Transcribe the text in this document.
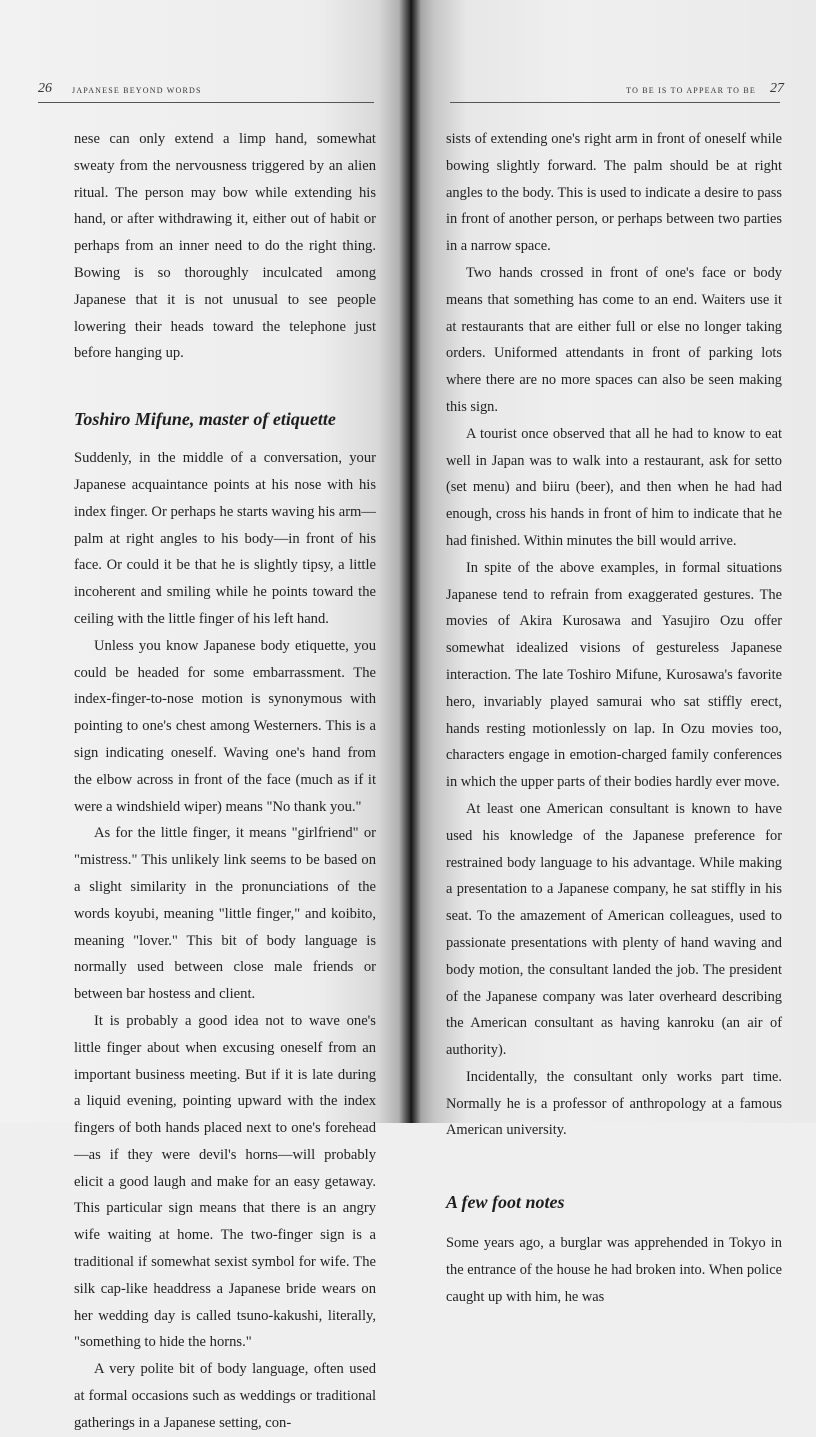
26	JAPANESE BEYOND WORDS

nese can only extend a limp hand, somewhat sweaty from the nervousness triggered by an alien ritual. The person may bow while extending his hand, or after withdrawing it, either out of habit or perhaps from an inner need to do the right thing. Bowing is so thoroughly inculcated among Japanese that it is not unusual to see people lowering their heads toward the telephone just before hanging up.

Toshiro Mifune, master of etiquette

Suddenly, in the middle of a conversation, your Japanese acquaintance points at his nose with his index finger. Or perhaps he starts waving his arm—palm at right angles to his body—in front of his face. Or could it be that he is slightly tipsy, a little incoherent and smiling while he points toward the ceiling with the little finger of his left hand.

Unless you know Japanese body etiquette, you could be headed for some embarrassment. The index-finger-to-nose motion is synonymous with pointing to one's chest among Westerners. This is a sign indicating oneself. Waving one's hand from the elbow across in front of the face (much as if it were a windshield wiper) means "No thank you."

As for the little finger, it means "girlfriend" or "mistress." This unlikely link seems to be based on a slight similarity in the pronunciations of the words koyubi, meaning "little finger," and koibito, meaning "lover." This bit of body language is normally used between close male friends or between bar hostess and client.

It is probably a good idea not to wave one's little finger about when excusing oneself from an important business meeting. But if it is late during a liquid evening, pointing upward with the index fingers of both hands placed next to one's forehead—as if they were devil's horns—will probably elicit a good laugh and make for an easy getaway. This particular sign means that there is an angry wife waiting at home. The two-finger sign is a traditional if somewhat sexist symbol for wife. The silk cap-like headdress a Japanese bride wears on her wedding day is called tsuno-kakushi, literally, "something to hide the horns."

A very polite bit of body language, often used at formal occasions such as weddings or traditional gatherings in a Japanese setting, con-

TO BE IS TO APPEAR TO BE 27

sists of extending one's right arm in front of oneself while bowing slightly forward. The palm should be at right angles to the body. This is used to indicate a desire to pass in front of another person, or perhaps between two parties in a narrow space.

Two hands crossed in front of one's face or body means that something has come to an end. Waiters use it at restaurants that are either full or else no longer taking orders. Uniformed attendants in front of parking lots where there are no more spaces can also be seen making this sign.

A tourist once observed that all he had to know to eat well in Japan was to walk into a restaurant, ask for setto (set menu) and biiru (beer), and then when he had had enough, cross his hands in front of him to indicate that he had finished. Within minutes the bill would arrive.

In spite of the above examples, in formal situations Japanese tend to refrain from exaggerated gestures. The movies of Akira Kurosawa and Yasujiro Ozu offer somewhat idealized visions of gestureless Japanese interaction. The late Toshiro Mifune, Kurosawa's favorite hero, invariably played samurai who sat stiffly erect, hands resting motionlessly on lap. In Ozu movies too, characters engage in emotion-charged family conferences in which the upper parts of their bodies hardly ever move.

At least one American consultant is known to have used his knowledge of the Japanese preference for restrained body language to his advantage. While making a presentation to a Japanese company, he sat stiffly in his seat. To the amazement of American colleagues, used to passionate presentations with plenty of hand waving and body motion, the consultant landed the job. The president of the Japanese company was later overheard describing the American consultant as having kanroku (an air of authority).

Incidentally, the consultant only works part time. Normally he is a professor of anthropology at a famous American university.

A few foot notes

Some years ago, a burglar was apprehended in Tokyo in the entrance of the house he had broken into. When police caught up with him, he was
